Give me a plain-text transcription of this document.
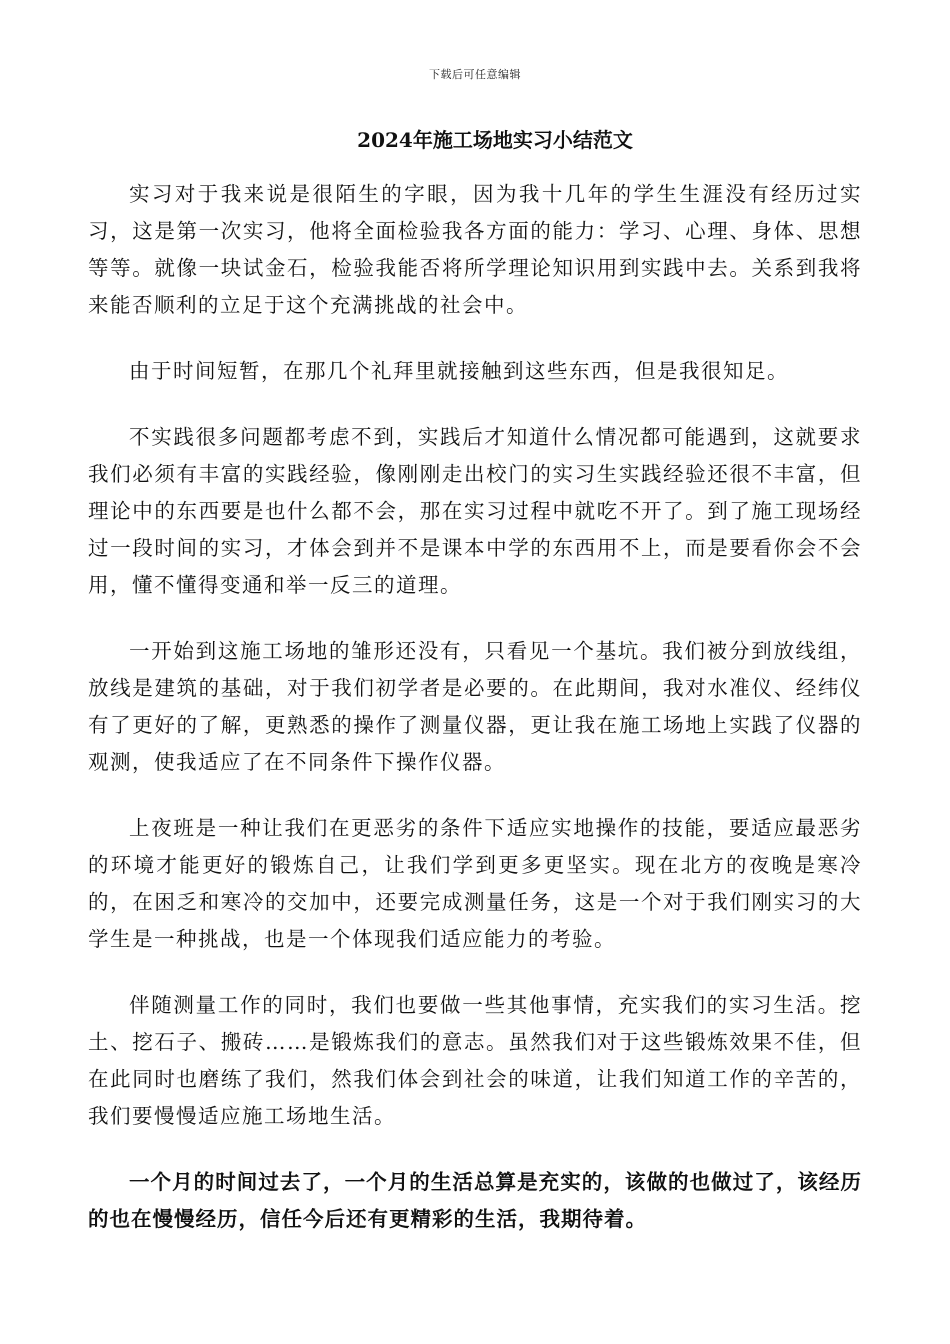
下载后可任意编辑
2024年施工场地实习小结范文

实习对于我来说是很陌生的字眼，因为我十几年的学生生涯没有经历过实习，这是第一次实习，他将全面检验我各方面的能力：学习、心理、身体、思想等等。就像一块试金石，检验我能否将所学理论知识用到实践中去。关系到我将来能否顺利的立足于这个充满挑战的社会中。

由于时间短暂，在那几个礼拜里就接触到这些东西，但是我很知足。

不实践很多问题都考虑不到，实践后才知道什么情况都可能遇到，这就要求我们必须有丰富的实践经验，像刚刚走出校门的实习生实践经验还很不丰富，但理论中的东西要是也什么都不会，那在实习过程中就吃不开了。到了施工现场经过一段时间的实习，才体会到并不是课本中学的东西用不上，而是要看你会不会用，懂不懂得变通和举一反三的道理。

一开始到这施工场地的雏形还没有，只看见一个基坑。我们被分到放线组，放线是建筑的基础，对于我们初学者是必要的。在此期间，我对水准仪、经纬仪有了更好的了解，更熟悉的操作了测量仪器，更让我在施工场地上实践了仪器的观测，使我适应了在不同条件下操作仪器。

上夜班是一种让我们在更恶劣的条件下适应实地操作的技能，要适应最恶劣的环境才能更好的锻炼自己，让我们学到更多更坚实。现在北方的夜晚是寒冷的，在困乏和寒冷的交加中，还要完成测量任务，这是一个对于我们刚实习的大学生是一种挑战，也是一个体现我们适应能力的考验。

伴随测量工作的同时，我们也要做一些其他事情，充实我们的实习生活。挖土、挖石子、搬砖……是锻炼我们的意志。虽然我们对于这些锻炼效果不佳，但在此同时也磨练了我们，然我们体会到社会的味道，让我们知道工作的辛苦的，我们要慢慢适应施工场地生活。

一个月的时间过去了，一个月的生活总算是充实的，该做的也做过了，该经历的也在慢慢经历，信任今后还有更精彩的生活，我期待着。
